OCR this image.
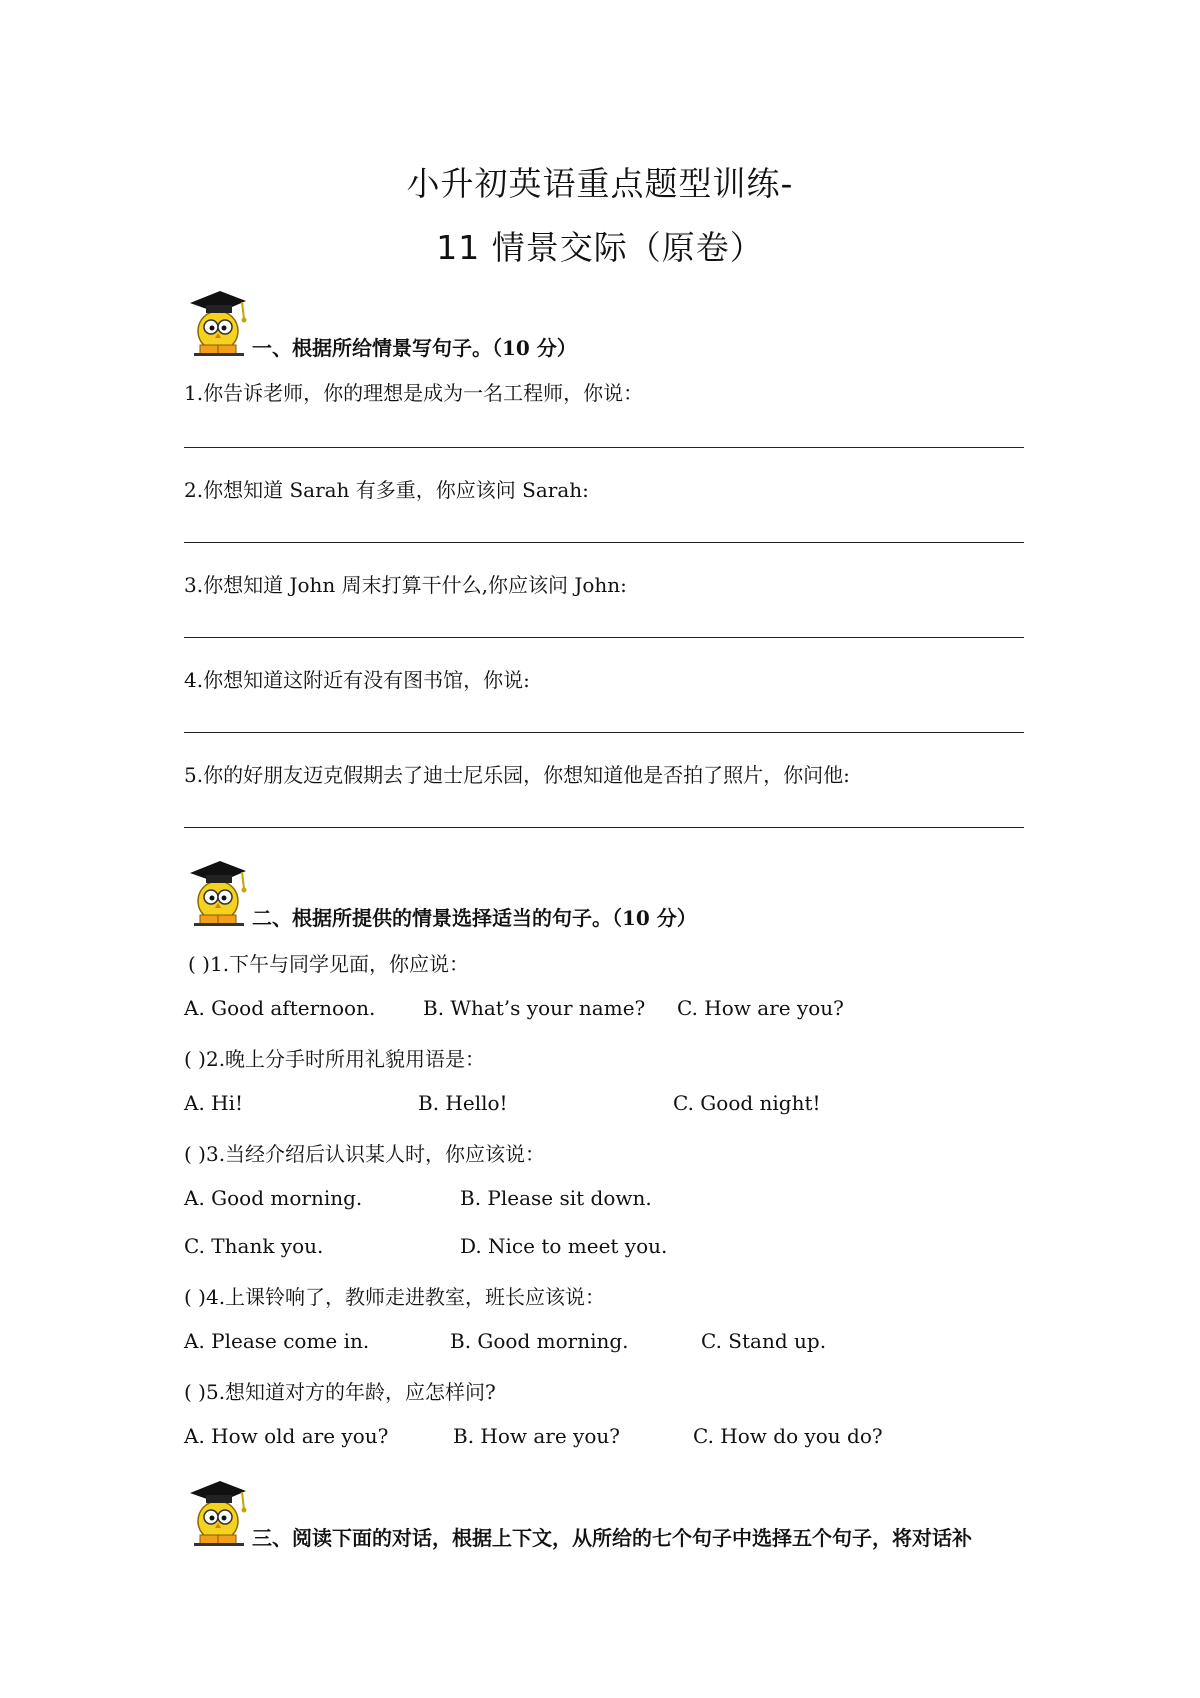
小升初英语重点题型训练-
11 情景交际（原卷）
一、根据所给情景写句子。（10 分）
1.你告诉老师，你的理想是成为一名工程师，你说：
2.你想知道 Sarah 有多重，你应该问 Sarah:
3.你想知道 John 周末打算干什么,你应该问 John:
4.你想知道这附近有没有图书馆，你说:
5.你的好朋友迈克假期去了迪士尼乐园，你想知道他是否拍了照片，你问他:
二、根据所提供的情景选择适当的句子。（10 分）
( )1.下午与同学见面，你应说：
A. Good afternoon. B. What’s your name? C. How are you?
( )2.晚上分手时所用礼貌用语是：
A. Hi!	B. Hello!	C. Good night!
( )3.当经介绍后认识某人时，你应该说：
A. Good morning.	B. Please sit down.
C. Thank you.	D. Nice to meet you.
( )4.上课铃响了，教师走进教室，班长应该说：
A. Please come in.	B. Good morning.	C. Stand up.
( )5.想知道对方的年龄，应怎样问?
A. How old are you?	B. How are you?	C. How do you do?
三、阅读下面的对话，根据上下文，从所给的七个句子中选择五个句子，将对话补
